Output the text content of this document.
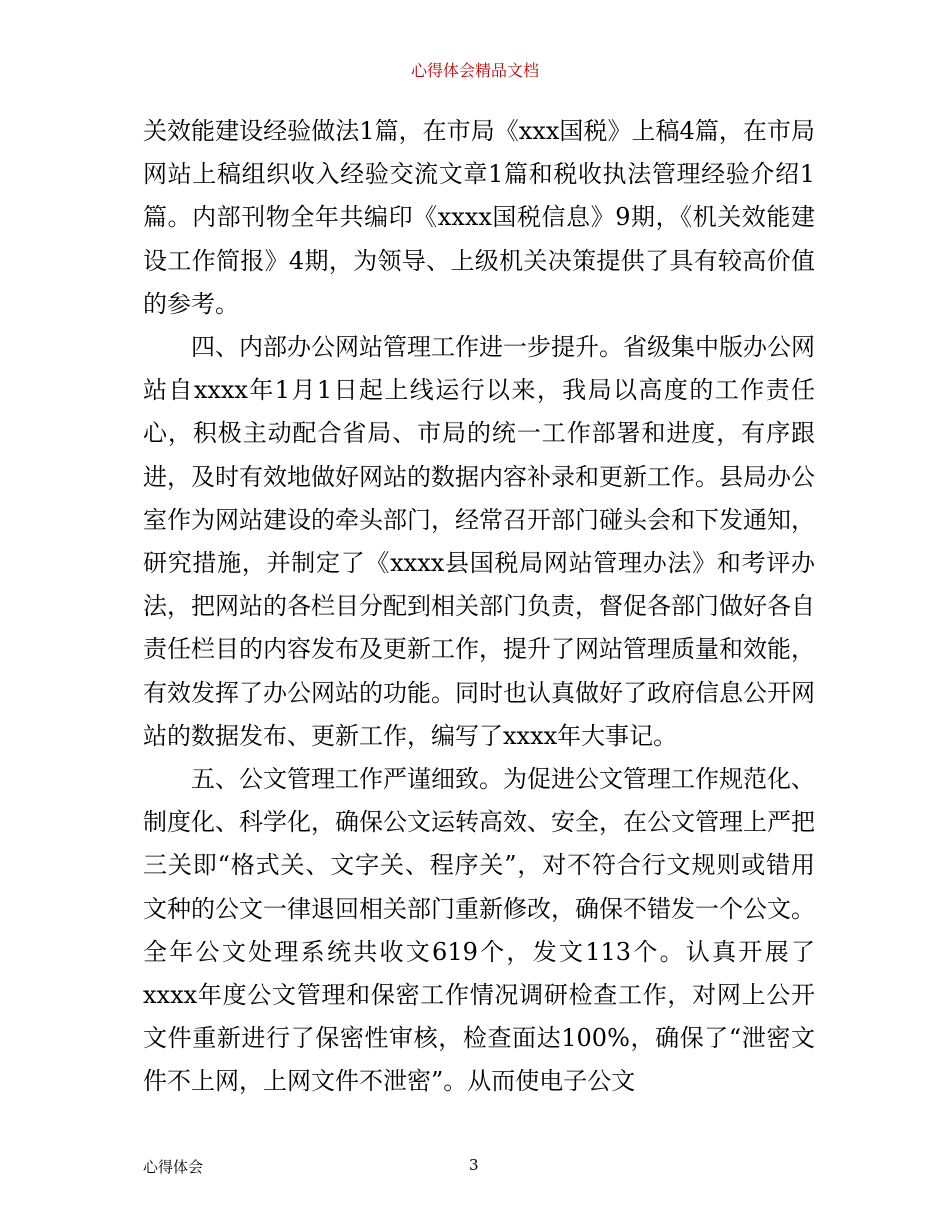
心得体会精品文档

关效能建设经验做法1篇，在市局《xxx国税》上稿4篇，在市局网站上稿组织收入经验交流文章1篇和税收执法管理经验介绍1篇。内部刊物全年共编印《xxxx国税信息》9期，《机关效能建设工作简报》4期，为领导、上级机关决策提供了具有较高价值的参考。

四、内部办公网站管理工作进一步提升。省级集中版办公网站自xxxx年1月1日起上线运行以来，我局以高度的工作责任心，积极主动配合省局、市局的统一工作部署和进度，有序跟进，及时有效地做好网站的数据内容补录和更新工作。县局办公室作为网站建设的牵头部门，经常召开部门碰头会和下发通知，研究措施，并制定了《xxxx县国税局网站管理办法》和考评办法，把网站的各栏目分配到相关部门负责，督促各部门做好各自责任栏目的内容发布及更新工作，提升了网站管理质量和效能，有效发挥了办公网站的功能。同时也认真做好了政府信息公开网站的数据发布、更新工作，编写了xxxx年大事记。

五、公文管理工作严谨细致。为促进公文管理工作规范化、制度化、科学化，确保公文运转高效、安全，在公文管理上严把三关即“格式关、文字关、程序关”，对不符合行文规则或错用文种的公文一律退回相关部门重新修改，确保不错发一个公文。全年公文处理系统共收文619个，发文113个。认真开展了xxxx年度公文管理和保密工作情况调研检查工作，对网上公开文件重新进行了保密性审核，检查面达100%，确保了“泄密文件不上网，上网文件不泄密”。从而使电子公文

心得体会	3
